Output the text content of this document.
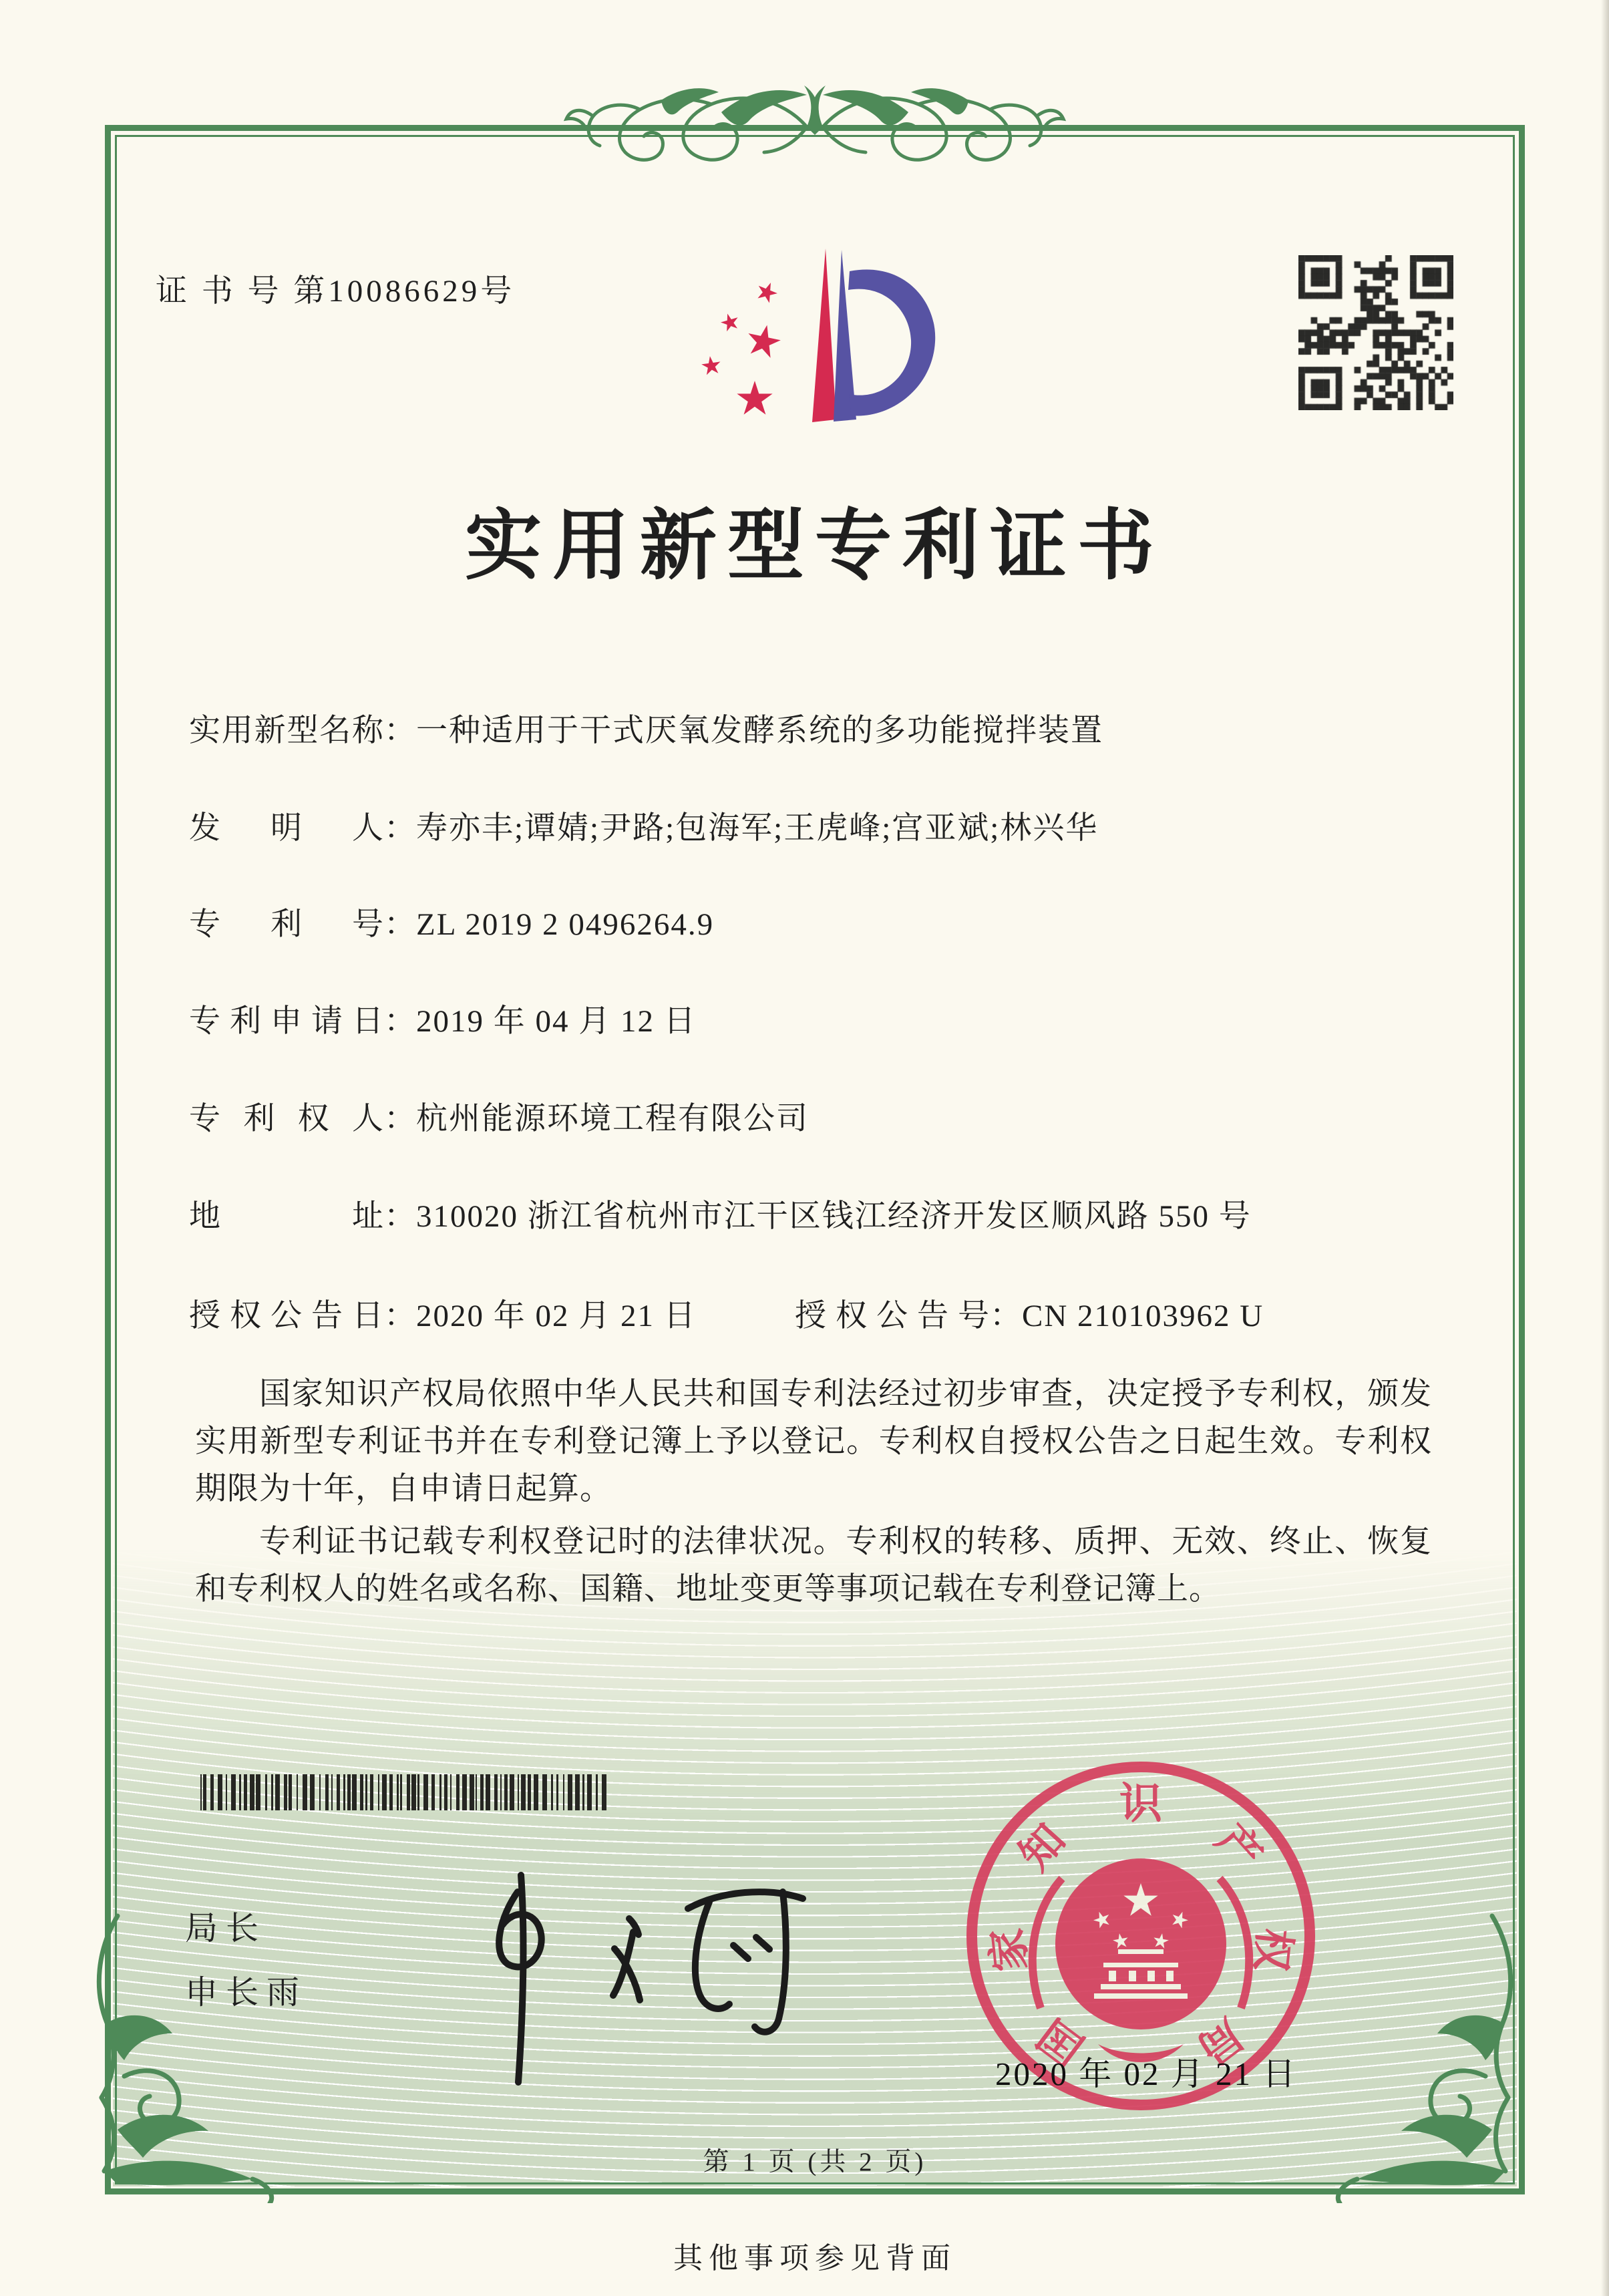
证 书 号 第10086629号
实用新型专利证书
实用新型名称：一种适用于干式厌氧发酵系统的多功能搅拌装置
发明人：寿亦丰;谭婧;尹路;包海军;王虎峰;宫亚斌;林兴华
专利号：ZL 2019 2 0496264.9
专利申请日：2019 年 04 月 12 日
专利权人：杭州能源环境工程有限公司
地址：310020 浙江省杭州市江干区钱江经济开发区顺风路 550 号
授权公告日：2020 年 02 月 21 日	授权公告号：CN 210103962 U

国家知识产权局依照中华人民共和国专利法经过初步审查，决定授予专利权，颁发实用新型专利证书并在专利登记簿上予以登记。专利权自授权公告之日起生效。专利权期限为十年，自申请日起算。

专利证书记载专利权登记时的法律状况。专利权的转移、质押、无效、终止、恢复和专利权人的姓名或名称、国籍、地址变更等事项记载在专利登记簿上。

局长
申长雨
国
家
知
识
产
权
局
2020 年 02 月 21 日
第 1 页 (共 2 页)
其他事项参见背面
